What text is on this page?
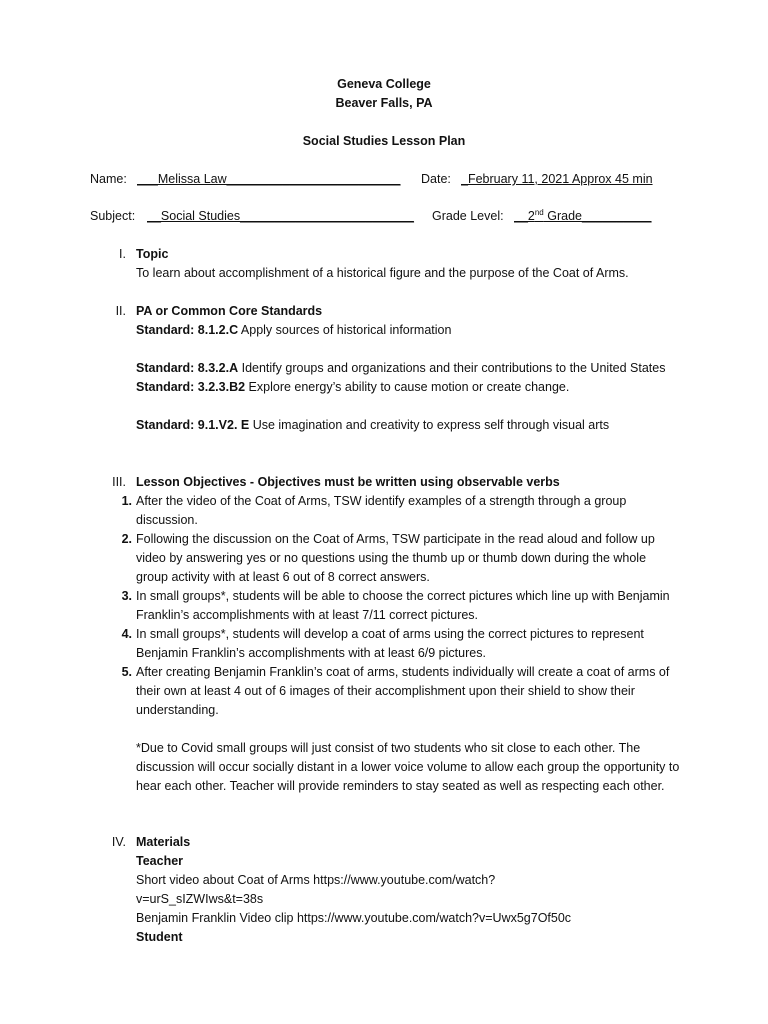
Geneva College
Beaver Falls, PA
Social Studies Lesson Plan
Name: ___Melissa Law_________________________	Date: _February 11, 2021 Approx 45 min
Subject: __Social Studies_________________________	Grade Level: __2nd Grade__________
I. Topic

To learn about accomplishment of a historical figure and the purpose of the Coat of Arms.

II. PA or Common Core Standards

Standard: 8.1.2.C Apply sources of historical information

Standard: 8.3.2.A Identify groups and organizations and their contributions to the United States

Standard: 3.2.3.B2 Explore energy’s ability to cause motion or create change.

Standard: 9.1.V2. E Use imagination and creativity to express self through visual arts

III. Lesson Objectives - Objectives must be written using observable verbs

1. After the video of the Coat of Arms, TSW identify examples of a strength through a group discussion.
2. Following the discussion on the Coat of Arms, TSW participate in the read aloud and follow up video by answering yes or no questions using the thumb up or thumb down during the whole group activity with at least 6 out of 8 correct answers.
3. In small groups*, students will be able to choose the correct pictures which line up with Benjamin Franklin’s accomplishments with at least 7/11 correct pictures.
4. In small groups*, students will develop a coat of arms using the correct pictures to represent Benjamin Franklin’s accomplishments with at least 6/9 pictures.
5. After creating Benjamin Franklin’s coat of arms, students individually will create a coat of arms of their own at least 4 out of 6 images of their accomplishment upon their shield to show their understanding.

*Due to Covid small groups will just consist of two students who sit close to each other. The discussion will occur socially distant in a lower voice volume to allow each group the opportunity to hear each other. Teacher will provide reminders to stay seated as well as respecting each other.

IV. Materials

Teacher

Short video about Coat of Arms https://www.youtube.com/watch?

v=urS_sIZWIws&t=38s

Benjamin Franklin Video clip https://www.youtube.com/watch?v=Uwx5g7Of50c

Student
